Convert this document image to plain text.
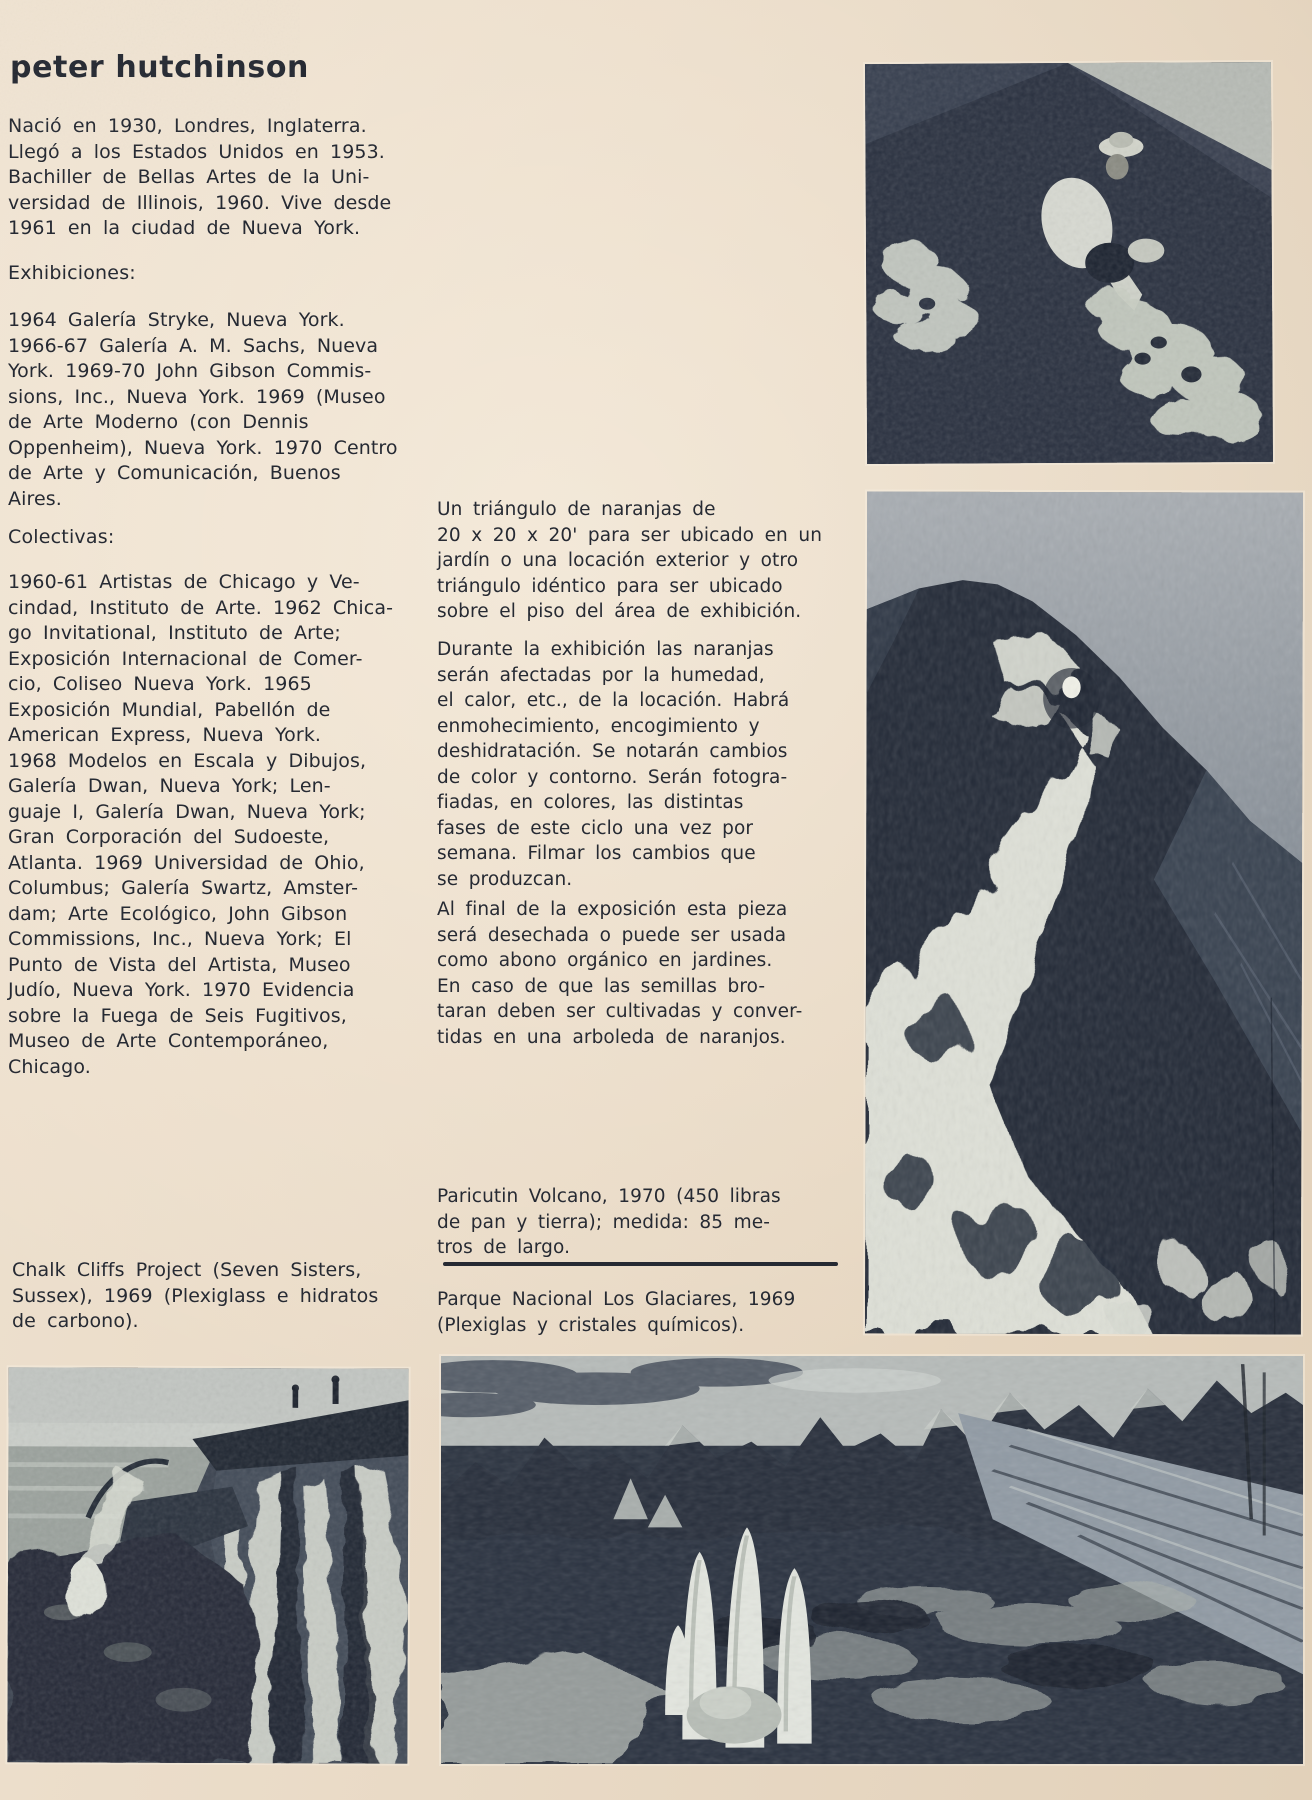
peter hutchinson
Nació en 1930, Londres, Inglaterra.
Llegó a los Estados Unidos en 1953.
Bachiller de Bellas Artes de la Uni-
versidad de Illinois, 1960. Vive desde
1961 en la ciudad de Nueva York.
Exhibiciones:
1964 Galería Stryke, Nueva York.
1966-67 Galería A. M. Sachs, Nueva
York. 1969-70 John Gibson Commis-
sions, Inc., Nueva York. 1969 (Museo
de Arte Moderno (con Dennis
Oppenheim), Nueva York. 1970 Centro
de Arte y Comunicación, Buenos
Aires.
Colectivas:
1960-61 Artistas de Chicago y Ve-
cindad, Instituto de Arte. 1962 Chica-
go Invitational, Instituto de Arte;
Exposición Internacional de Comer-
cio, Coliseo Nueva York. 1965
Exposición Mundial, Pabellón de
American Express, Nueva York.
1968 Modelos en Escala y Dibujos,
Galería Dwan, Nueva York; Len-
guaje I, Galería Dwan, Nueva York;
Gran Corporación del Sudoeste,
Atlanta. 1969 Universidad de Ohio,
Columbus; Galería Swartz, Amster-
dam; Arte Ecológico, John Gibson
Commissions, Inc., Nueva York; El
Punto de Vista del Artista, Museo
Judío, Nueva York. 1970 Evidencia
sobre la Fuega de Seis Fugitivos,
Museo de Arte Contemporáneo,
Chicago.
Chalk Cliffs Project (Seven Sisters,
Sussex), 1969 (Plexiglass e hidratos
de carbono).
Un triángulo de naranjas de
20 x 20 x 20' para ser ubicado en un
jardín o una locación exterior y otro
triángulo idéntico para ser ubicado
sobre el piso del área de exhibición.
Durante la exhibición las naranjas
serán afectadas por la humedad,
el calor, etc., de la locación. Habrá
enmohecimiento, encogimiento y
deshidratación. Se notarán cambios
de color y contorno. Serán fotogra-
fiadas, en colores, las distintas
fases de este ciclo una vez por
semana. Filmar los cambios que
se produzcan.
Al final de la exposición esta pieza
será desechada o puede ser usada
como abono orgánico en jardines.
En caso de que las semillas bro-
taran deben ser cultivadas y conver-
tidas en una arboleda de naranjos.
Paricutin Volcano, 1970 (450 libras
de pan y tierra); medida: 85 me-
tros de largo.
Parque Nacional Los Glaciares, 1969
(Plexiglas y cristales químicos).
